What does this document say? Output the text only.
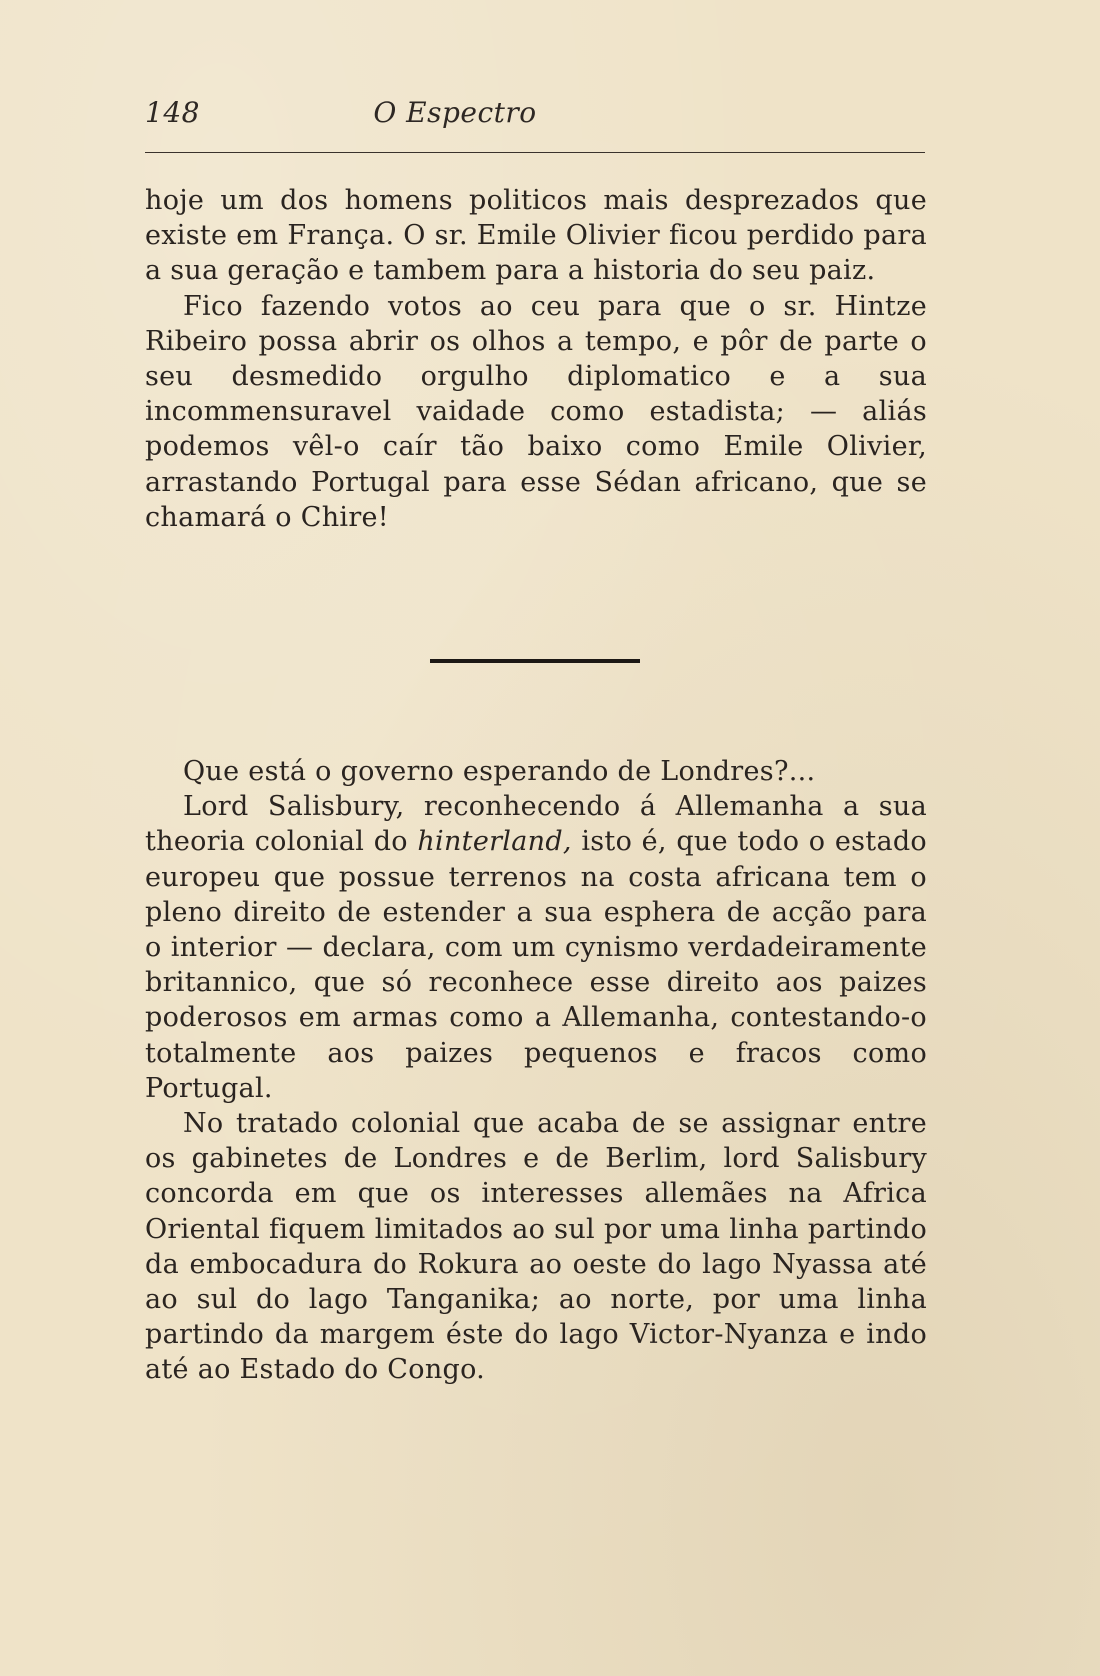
148	O Espectro

hoje um dos homens politicos mais desprezados que existe em França. O sr. Emile Olivier ficou perdido para a sua geração e tambem para a historia do seu paiz.

Fico fazendo votos ao ceu para que o sr. Hintze Ribeiro possa abrir os olhos a tempo, e pôr de parte o seu desmedido orgulho diplomatico e a sua incommensuravel vaidade como estadista; — aliás podemos vêl-o caír tão baixo como Emile Olivier, arrastando Portugal para esse Sédan africano, que se chamará o Chire!

Que está o governo esperando de Londres?...

Lord Salisbury, reconhecendo á Allemanha a sua theoria colonial do hinterland, isto é, que todo o estado europeu que possue terrenos na costa africana tem o pleno direito de estender a sua esphera de acção para o interior — declara, com um cynismo verdadeiramente britannico, que só reconhece esse direito aos paizes poderosos em armas como a Allemanha, contestando-o totalmente aos paizes pequenos e fracos como Portugal.

No tratado colonial que acaba de se assignar entre os gabinetes de Londres e de Berlim, lord Salisbury concorda em que os interesses allemães na Africa Oriental fiquem limitados ao sul por uma linha partindo da embocadura do Rokura ao oeste do lago Nyassa até ao sul do lago Tanganika; ao norte, por uma linha partindo da margem éste do lago Victor-Nyanza e indo até ao Estado do Congo.
